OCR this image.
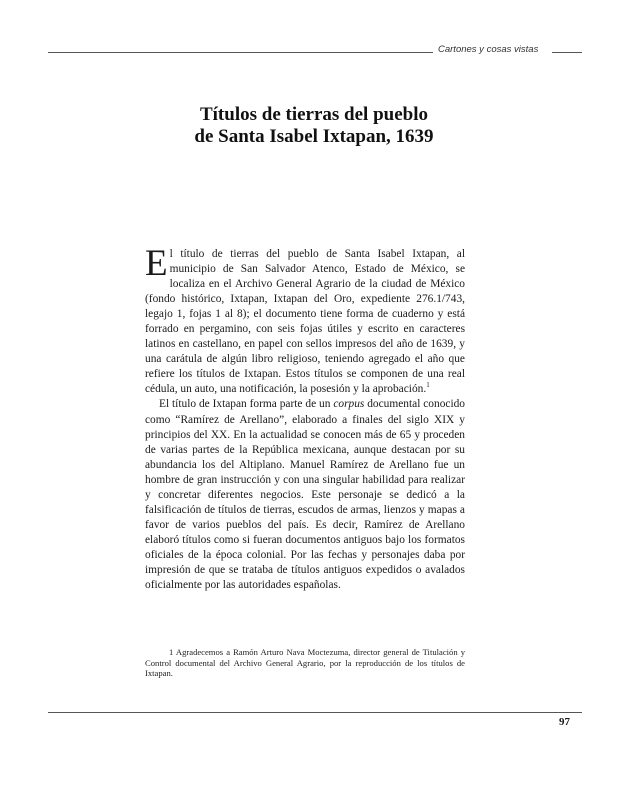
Cartones y cosas vistas
Títulos de tierras del pueblo
de Santa Isabel Ixtapan, 1639

El título de tierras del pueblo de Santa Isabel Ixtapan, al municipio de San Salvador Atenco, Estado de México, se localiza en el Archivo General Agrario de la ciudad de México (fondo histórico, Ixtapan, Ixtapan del Oro, expediente 276.1/743, legajo 1, fojas 1 al 8); el documento tiene forma de cuaderno y está forrado en pergamino, con seis fojas útiles y escrito en caracteres latinos en castellano, en papel con sellos impresos del año de 1639, y una carátula de algún libro religioso, teniendo agregado el año que refiere los títulos de Ixtapan. Estos títulos se componen de una real cédula, un auto, una notificación, la posesión y la aprobación.$^1$

El título de Ixtapan forma parte de un corpus documental conocido como “Ramírez de Arellano”, elaborado a finales del siglo XIX y principios del XX. En la actualidad se conocen más de 65 y proceden de varias partes de la República mexicana, aunque destacan por su abundancia los del Altiplano. Manuel Ramírez de Arellano fue un hombre de gran instrucción y con una singular habilidad para realizar y concretar diferentes negocios. Este personaje se dedicó a la falsificación de títulos de tierras, escudos de armas, lienzos y mapas a favor de varios pueblos del país. Es decir, Ramírez de Arellano elaboró títulos como si fueran documentos antiguos bajo los formatos oficiales de la época colonial. Por las fechas y personajes daba por impresión de que se trataba de títulos antiguos expedidos o avalados oficialmente por las autoridades españolas.

1 Agradecemos a Ramón Arturo Nava Moctezuma, director general de Titulación y Control documental del Archivo General Agrario, por la reproducción de los títulos de Ixtapan.
97
